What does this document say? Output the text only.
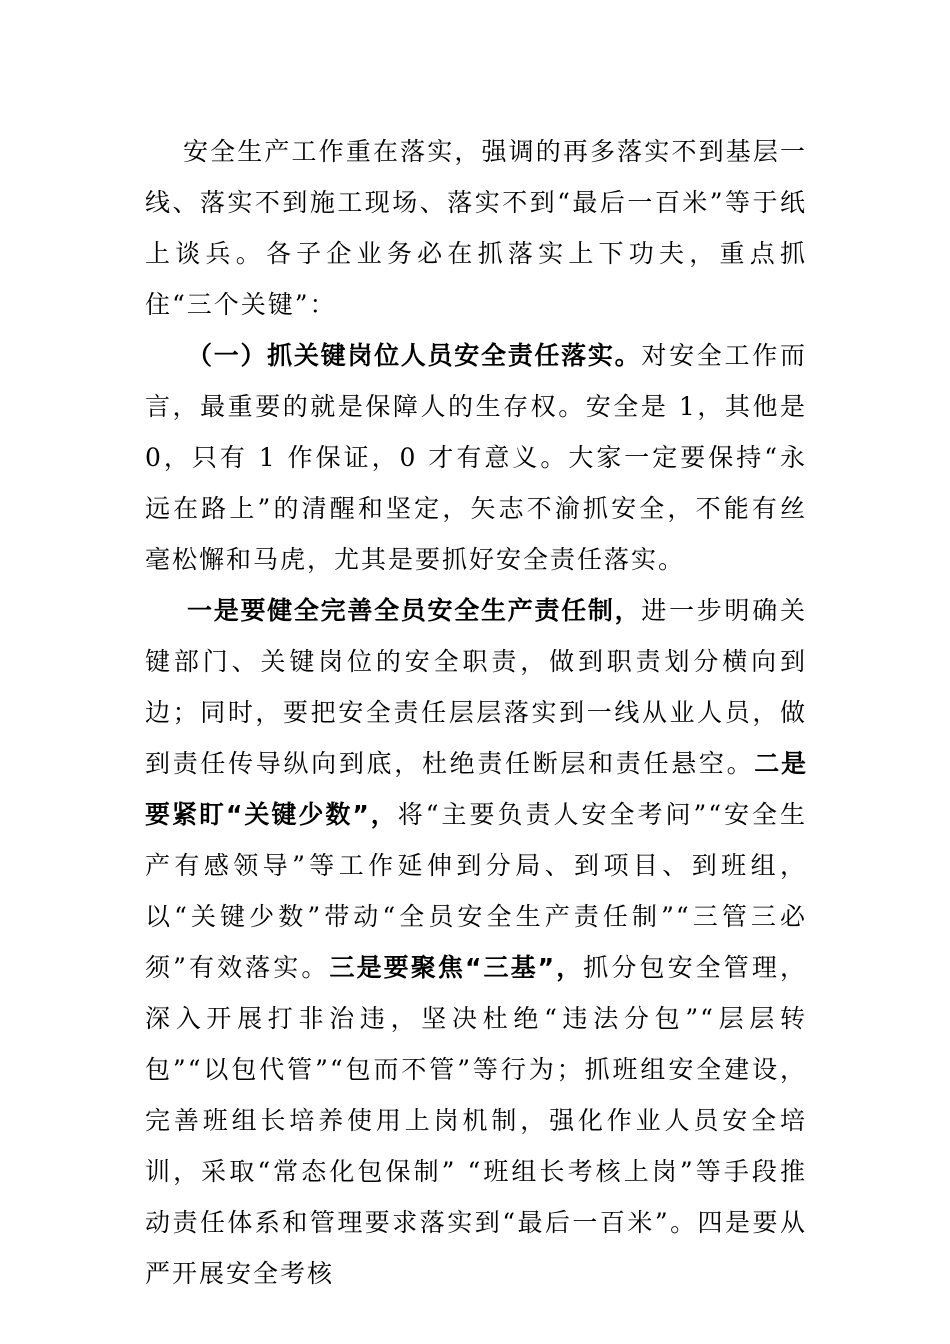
安全生产工作重在落实，强调的再多落实不到基层一线、落实不到施工现场、落实不到“最后一百米”等于纸上谈兵。各子企业务必在抓落实上下功夫，重点抓住“三个关键”：

（一）抓关键岗位人员安全责任落实。对安全工作而言，最重要的就是保障人的生存权。安全是 1，其他是 0，只有 1 作保证，0 才有意义。大家一定要保持“永远在路上”的清醒和坚定，矢志不渝抓安全，不能有丝毫松懈和马虎，尤其是要抓好安全责任落实。

一是要健全完善全员安全生产责任制，进一步明确关键部门、关键岗位的安全职责，做到职责划分横向到边；同时，要把安全责任层层落实到一线从业人员，做到责任传导纵向到底，杜绝责任断层和责任悬空。二是要紧盯“关键少数”，将“主要负责人安全考问”“安全生产有感领导”等工作延伸到分局、到项目、到班组，以“关键少数”带动“全员安全生产责任制”“三管三必须”有效落实。三是要聚焦“三基”，抓分包安全管理，深入开展打非治违，坚决杜绝“违法分包”“层层转包”“以包代管”“包而不管”等行为；抓班组安全建设，完善班组长培养使用上岗机制，强化作业人员安全培训，采取“常态化包保制” “班组长考核上岗”等手段推动责任体系和管理要求落实到“最后一百米”。四是要从严开展安全考核
